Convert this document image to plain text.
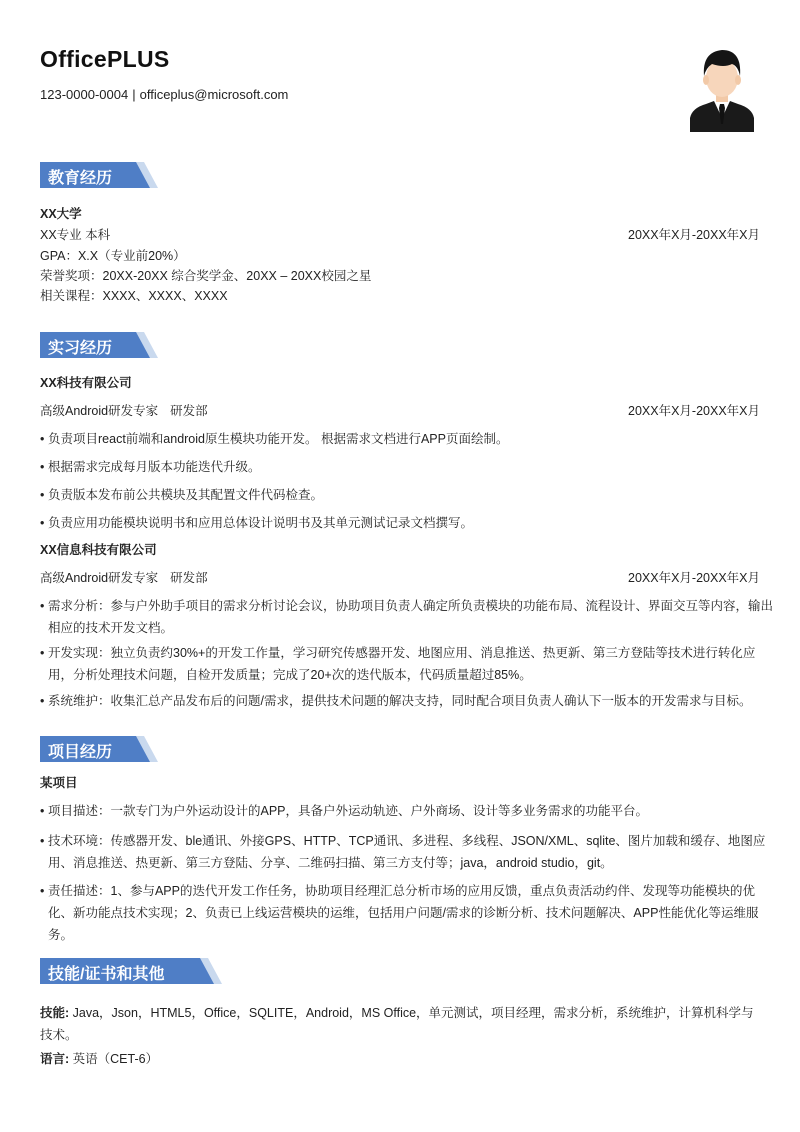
OfficePLUS
123-0000-0004 | officeplus@microsoft.com
教育经历
XX大学
XX专业 本科	20XX年X月-20XX年X月
GPA：X.X（专业前20%）
荣誉奖项：20XX-20XX 综合奖学金、20XX – 20XX校园之星
相关课程：XXXX、XXXX、XXXX
实习经历
XX科技有限公司
高级Android研发专家 研发部	20XX年X月-20XX年X月
• 负责项目react前端和android原生模块功能开发。 根据需求文档进行APP页面绘制。
• 根据需求完成每月版本功能迭代升级。
• 负责版本发布前公共模块及其配置文件代码检查。
• 负责应用功能模块说明书和应用总体设计说明书及其单元测试记录文档撰写。
XX信息科技有限公司
高级Android研发专家 研发部	20XX年X月-20XX年X月
• 需求分析：参与户外助手项目的需求分析讨论会议，协助项目负责人确定所负责模块的功能布局、流程设计、界面交互等内容，输出相应的技术开发文档。
• 开发实现：独立负责约30%+的开发工作量，学习研究传感器开发、地图应用、消息推送、热更新、第三方登陆等技术进行转化应用，分析处理技术问题，自检开发质量；完成了20+次的迭代版本，代码质量超过85%。
• 系统维护：收集汇总产品发布后的问题/需求，提供技术问题的解决支持，同时配合项目负责人确认下一版本的开发需求与目标。
项目经历
某项目
• 项目描述：一款专门为户外运动设计的APP，具备户外运动轨迹、户外商场、设计等多业务需求的功能平台。
• 技术环境：传感器开发、ble通讯、外接GPS、HTTP、TCP通讯、多进程、多线程、JSON/XML、sqlite、图片加载和缓存、地图应用、消息推送、热更新、第三方登陆、分享、二维码扫描、第三方支付等；java，android studio，git。
• 责任描述：1、参与APP的迭代开发工作任务，协助项目经理汇总分析市场的应用反馈，重点负责活动约伴、发现等功能模块的优化、新功能点技术实现；2、负责已上线运营模块的运维，包括用户问题/需求的诊断分析、技术问题解决、APP性能优化等运维服务。
技能/证书和其他
技能: Java，Json，HTML5，Office，SQLITE，Android，MS Office，单元测试，项目经理，需求分析，系统维护，计算机科学与技术。
语言: 英语（CET-6）
